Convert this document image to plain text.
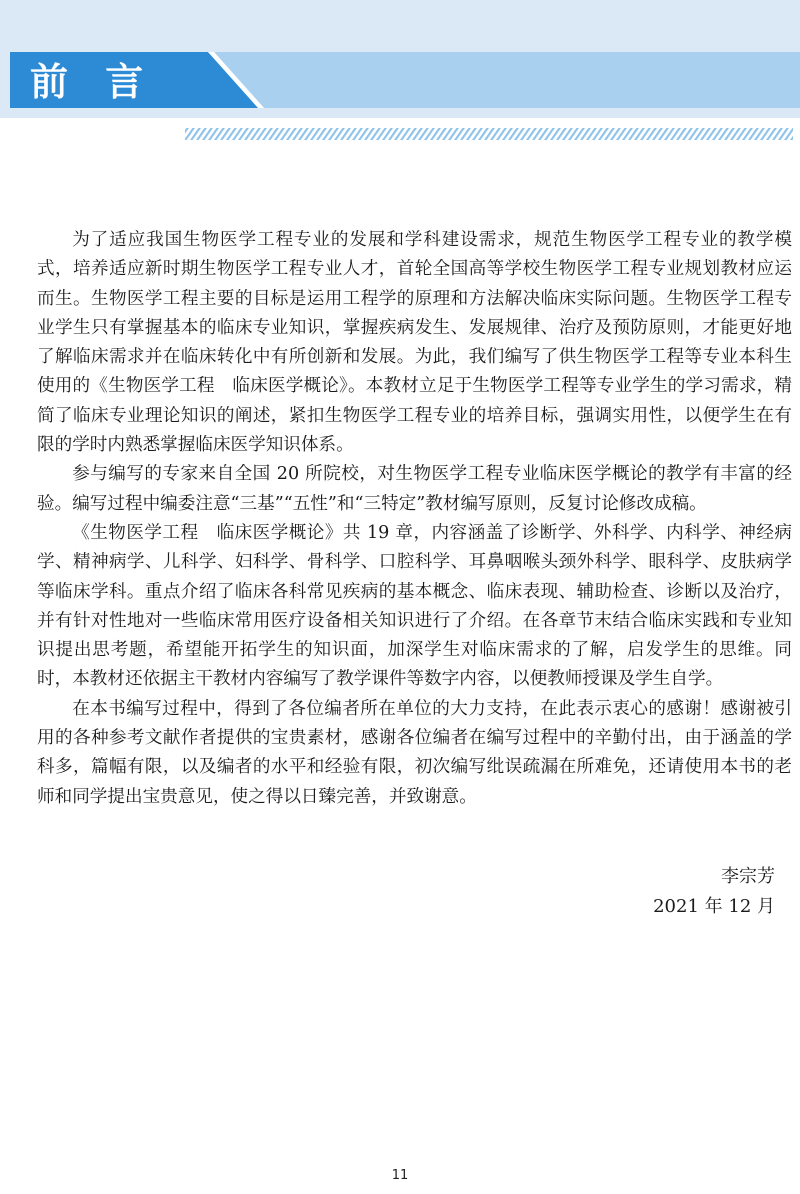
前 言

为了适应我国生物医学工程专业的发展和学科建设需求，规范生物医学工程专业的教学模式，培养适应新时期生物医学工程专业人才，首轮全国高等学校生物医学工程专业规划教材应运而生。生物医学工程主要的目标是运用工程学的原理和方法解决临床实际问题。生物医学工程专业学生只有掌握基本的临床专业知识，掌握疾病发生、发展规律、治疗及预防原则，才能更好地了解临床需求并在临床转化中有所创新和发展。为此，我们编写了供生物医学工程等专业本科生使用的《生物医学工程　临床医学概论》。本教材立足于生物医学工程等专业学生的学习需求，精简了临床专业理论知识的阐述，紧扣生物医学工程专业的培养目标，强调实用性，以便学生在有限的学时内熟悉掌握临床医学知识体系。

参与编写的专家来自全国 20 所院校，对生物医学工程专业临床医学概论的教学有丰富的经验。编写过程中编委注意“三基”“五性”和“三特定”教材编写原则，反复讨论修改成稿。

《生物医学工程　临床医学概论》共 19 章，内容涵盖了诊断学、外科学、内科学、神经病学、精神病学、儿科学、妇科学、骨科学、口腔科学、耳鼻咽喉头颈外科学、眼科学、皮肤病学等临床学科。重点介绍了临床各科常见疾病的基本概念、临床表现、辅助检查、诊断以及治疗，并有针对性地对一些临床常用医疗设备相关知识进行了介绍。在各章节末结合临床实践和专业知识提出思考题，希望能开拓学生的知识面，加深学生对临床需求的了解，启发学生的思维。同时，本教材还依据主干教材内容编写了教学课件等数字内容，以便教师授课及学生自学。

在本书编写过程中，得到了各位编者所在单位的大力支持，在此表示衷心的感谢！感谢被引用的各种参考文献作者提供的宝贵素材，感谢各位编者在编写过程中的辛勤付出，由于涵盖的学科多，篇幅有限，以及编者的水平和经验有限，初次编写纰误疏漏在所难免，还请使用本书的老师和同学提出宝贵意见，使之得以日臻完善，并致谢意。

李宗芳
2021 年 12 月
11
